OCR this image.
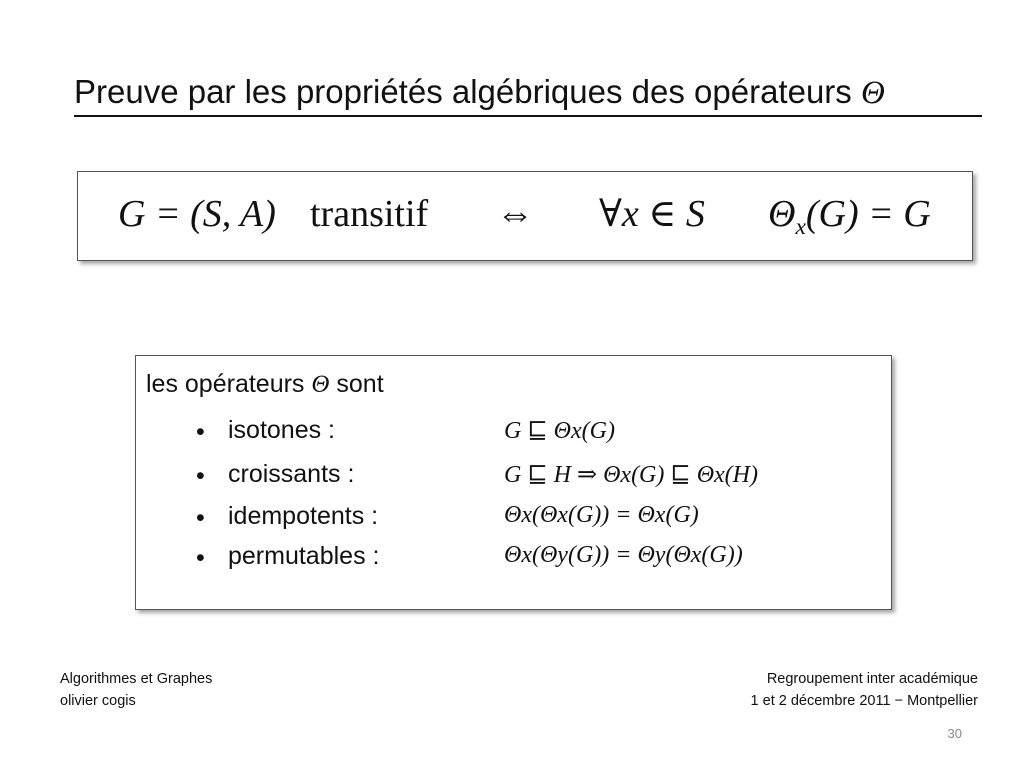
Preuve par les propriétés algébriques des opérateurs Θ
G = (S, A) transitif ⇔ ∀x ∈ S $\Theta_x(G) = G$
les opérateurs Θ sont
• isotones :	G ⊑ Θx(G)
• croissants :	G ⊑ H ⇒ Θx(G) ⊑ Θx(H)
• idempotents :	Θx(Θx(G)) = Θx(G)
• permutables :	Θx(Θy(G)) = Θy(Θx(G))
Algorithmes et Graphes
olivier cogis
Regroupement inter académique
1 et 2 décembre 2011 − Montpellier
30
